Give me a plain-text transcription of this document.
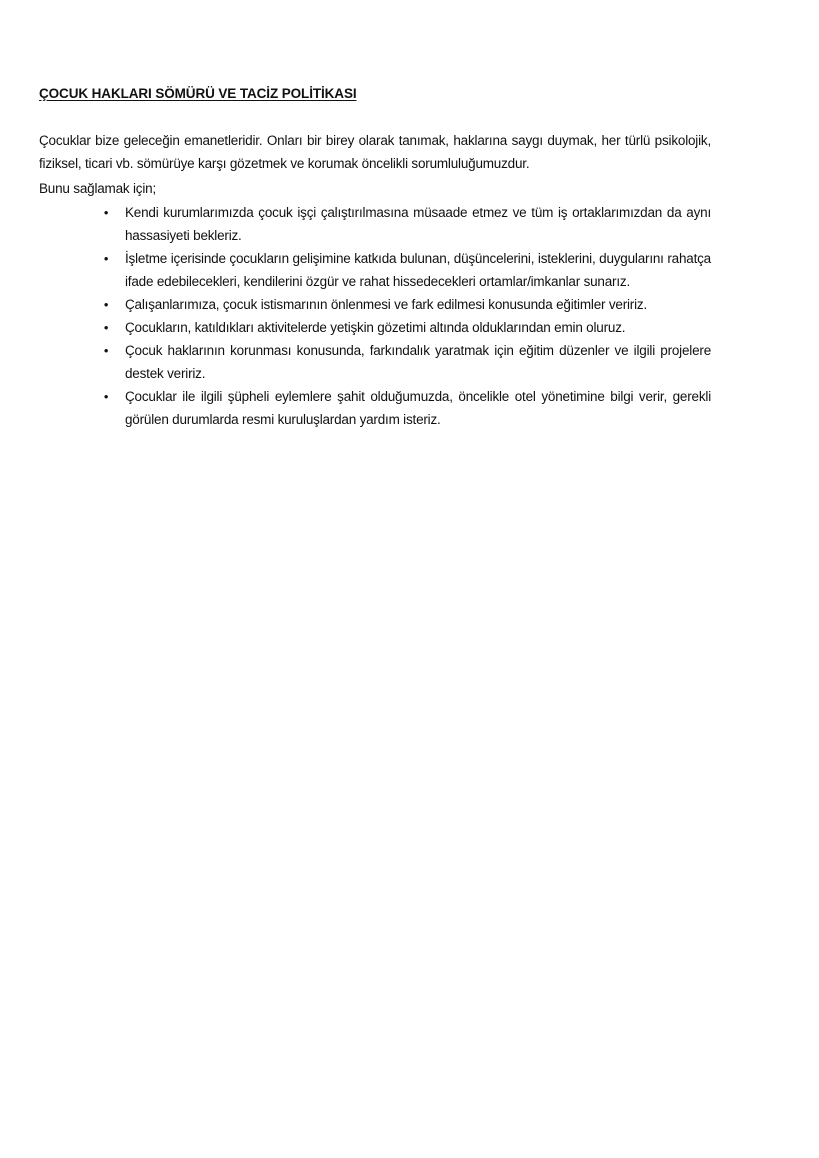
ÇOCUK HAKLARI SÖMÜRÜ VE TACİZ POLİTİKASI

Çocuklar bize geleceğin emanetleridir. Onları bir birey olarak tanımak, haklarına saygı duymak, her türlü psikolojik, fiziksel, ticari vb. sömürüye karşı gözetmek ve korumak öncelikli sorumluluğumuzdur.

Bunu sağlamak için;

• Kendi kurumlarımızda çocuk işçi çalıştırılmasına müsaade etmez ve tüm iş ortaklarımızdan da aynı hassasiyeti bekleriz.
• İşletme içerisinde çocukların gelişimine katkıda bulunan, düşüncelerini, isteklerini, duygularını rahatça ifade edebilecekleri, kendilerini özgür ve rahat hissedecekleri ortamlar/imkanlar sunarız.
• Çalışanlarımıza, çocuk istismarının önlenmesi ve fark edilmesi konusunda eğitimler veririz.
• Çocukların, katıldıkları aktivitelerde yetişkin gözetimi altında olduklarından emin oluruz.
• Çocuk haklarının korunması konusunda, farkındalık yaratmak için eğitim düzenler ve ilgili projelere destek veririz.
• Çocuklar ile ilgili şüpheli eylemlere şahit olduğumuzda, öncelikle otel yönetimine bilgi verir, gerekli görülen durumlarda resmi kuruluşlardan yardım isteriz.
